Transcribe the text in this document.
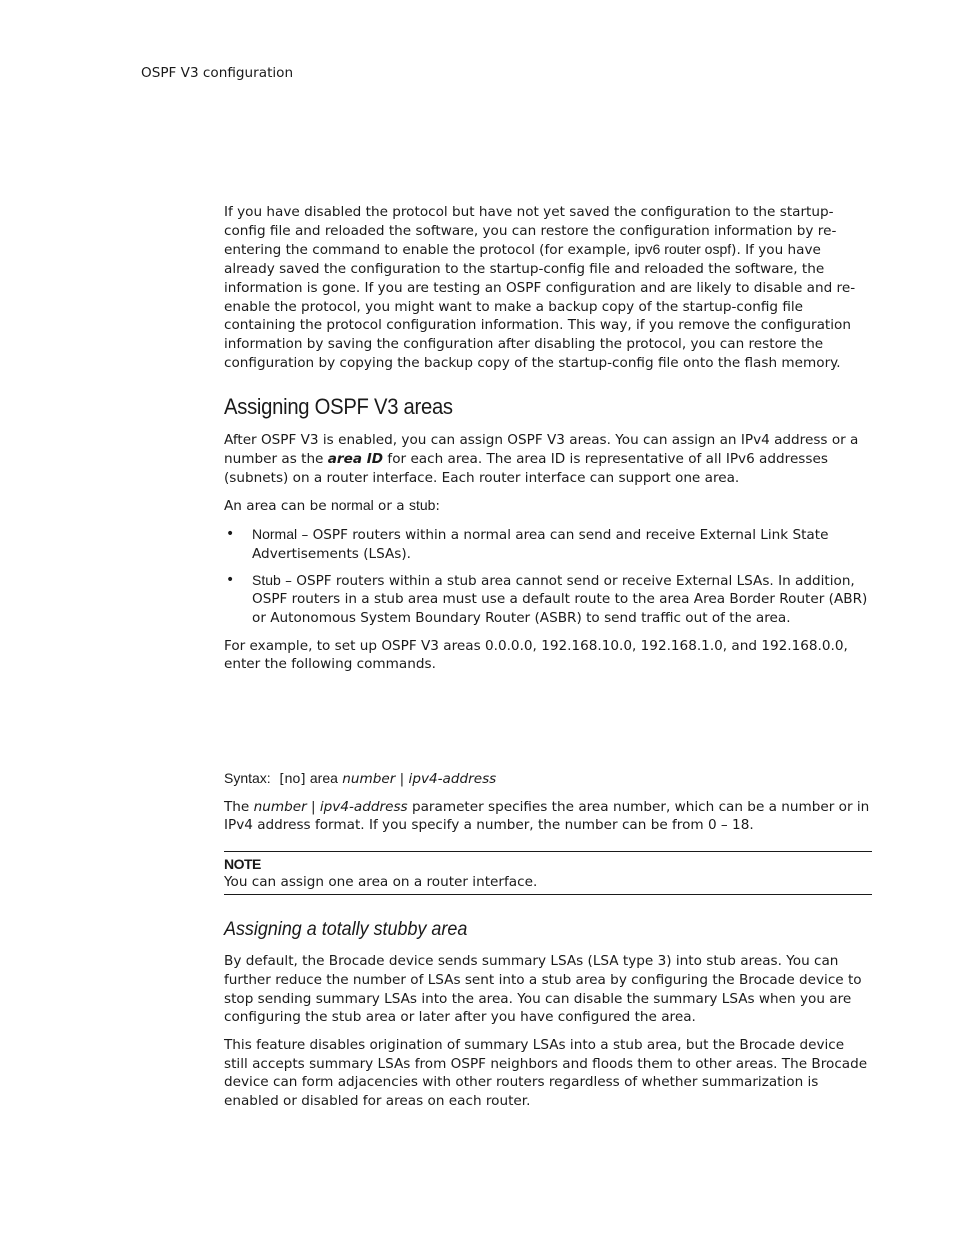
OSPF V3 configuration

If you have disabled the protocol but have not yet saved the configuration to the startup-config file and reloaded the software, you can restore the configuration information by re-entering the command to enable the protocol (for example, ipv6 router ospf). If you have already saved the configuration to the startup-config file and reloaded the software, the information is gone. If you are testing an OSPF configuration and are likely to disable and re-enable the protocol, you might want to make a backup copy of the startup-config file containing the protocol configuration information. This way, if you remove the configuration information by saving the configuration after disabling the protocol, you can restore the configuration by copying the backup copy of the startup-config file onto the flash memory.

Assigning OSPF V3 areas

After OSPF V3 is enabled, you can assign OSPF V3 areas. You can assign an IPv4 address or a number as the area ID for each area. The area ID is representative of all IPv6 addresses (subnets) on a router interface. Each router interface can support one area.

An area can be normal or a stub:

• Normal – OSPF routers within a normal area can send and receive External Link State Advertisements (LSAs).
• Stub – OSPF routers within a stub area cannot send or receive External LSAs. In addition, OSPF routers in a stub area must use a default route to the area Area Border Router (ABR) or Autonomous System Boundary Router (ASBR) to send traffic out of the area.

For example, to set up OSPF V3 areas 0.0.0.0, 192.168.10.0, 192.168.1.0, and 192.168.0.0, enter the following commands.

Syntax: [no] area number | ipv4-address

The number | ipv4-address parameter specifies the area number, which can be a number or in IPv4 address format. If you specify a number, the number can be from 0 – 18.

NOTE
You can assign one area on a router interface.
Assigning a totally stubby area

By default, the Brocade device sends summary LSAs (LSA type 3) into stub areas. You can further reduce the number of LSAs sent into a stub area by configuring the Brocade device to stop sending summary LSAs into the area. You can disable the summary LSAs when you are configuring the stub area or later after you have configured the area.

This feature disables origination of summary LSAs into a stub area, but the Brocade device still accepts summary LSAs from OSPF neighbors and floods them to other areas. The Brocade device can form adjacencies with other routers regardless of whether summarization is enabled or disabled for areas on each router.
